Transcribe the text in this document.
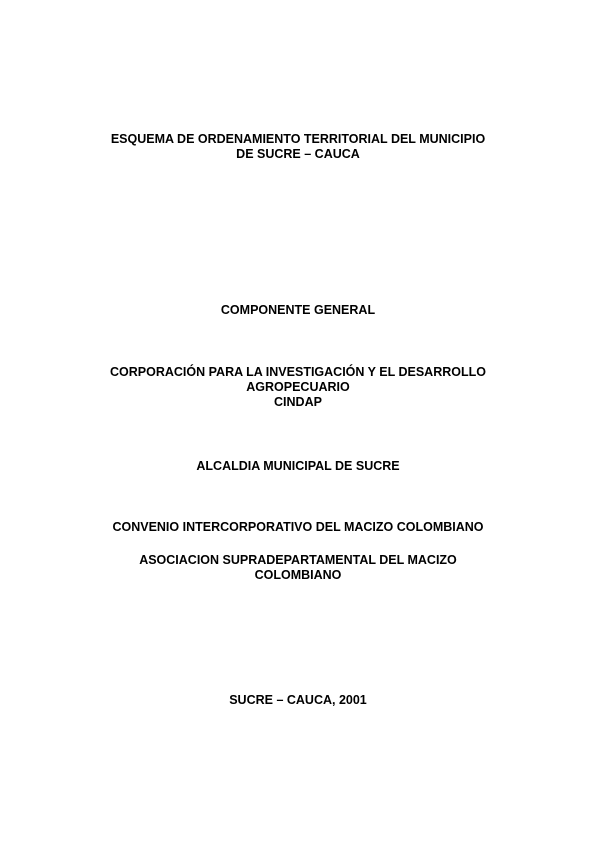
ESQUEMA DE ORDENAMIENTO TERRITORIAL DEL MUNICIPIO
DE SUCRE – CAUCA
COMPONENTE GENERAL
CORPORACIÓN PARA LA INVESTIGACIÓN Y EL DESARROLLO
AGROPECUARIO
CINDAP
ALCALDIA MUNICIPAL DE SUCRE
CONVENIO INTERCORPORATIVO DEL MACIZO COLOMBIANO
ASOCIACION SUPRADEPARTAMENTAL DEL MACIZO
COLOMBIANO
SUCRE – CAUCA, 2001
